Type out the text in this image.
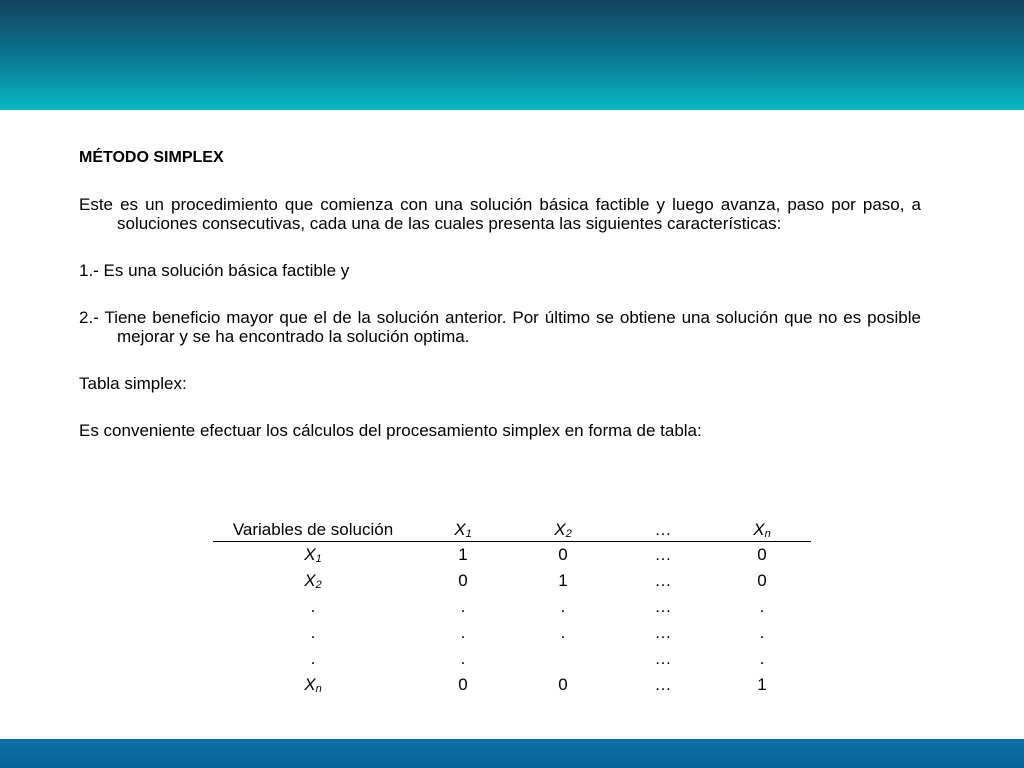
MÉTODO SIMPLEX

Este es un procedimiento que comienza con una solución básica factible y luego avanza, paso por paso, a soluciones consecutivas, cada una de las cuales presenta las siguientes características:

1.- Es una solución básica factible y

2.- Tiene beneficio mayor que el de la solución anterior. Por último se obtiene una solución que no es posible mejorar y se ha encontrado la solución optima.

Tabla simplex:

Es conveniente efectuar los cálculos del procesamiento simplex en forma de tabla:

Variables de solución	$X_1$	$X_2$	…	$X_n$
$X_1$	1	0	…	0
$X_2$	0	1	…	0
.	.	.	…	.
.	.	.	…	.
.	.		…	.
$X_n$	0	0	…	1
